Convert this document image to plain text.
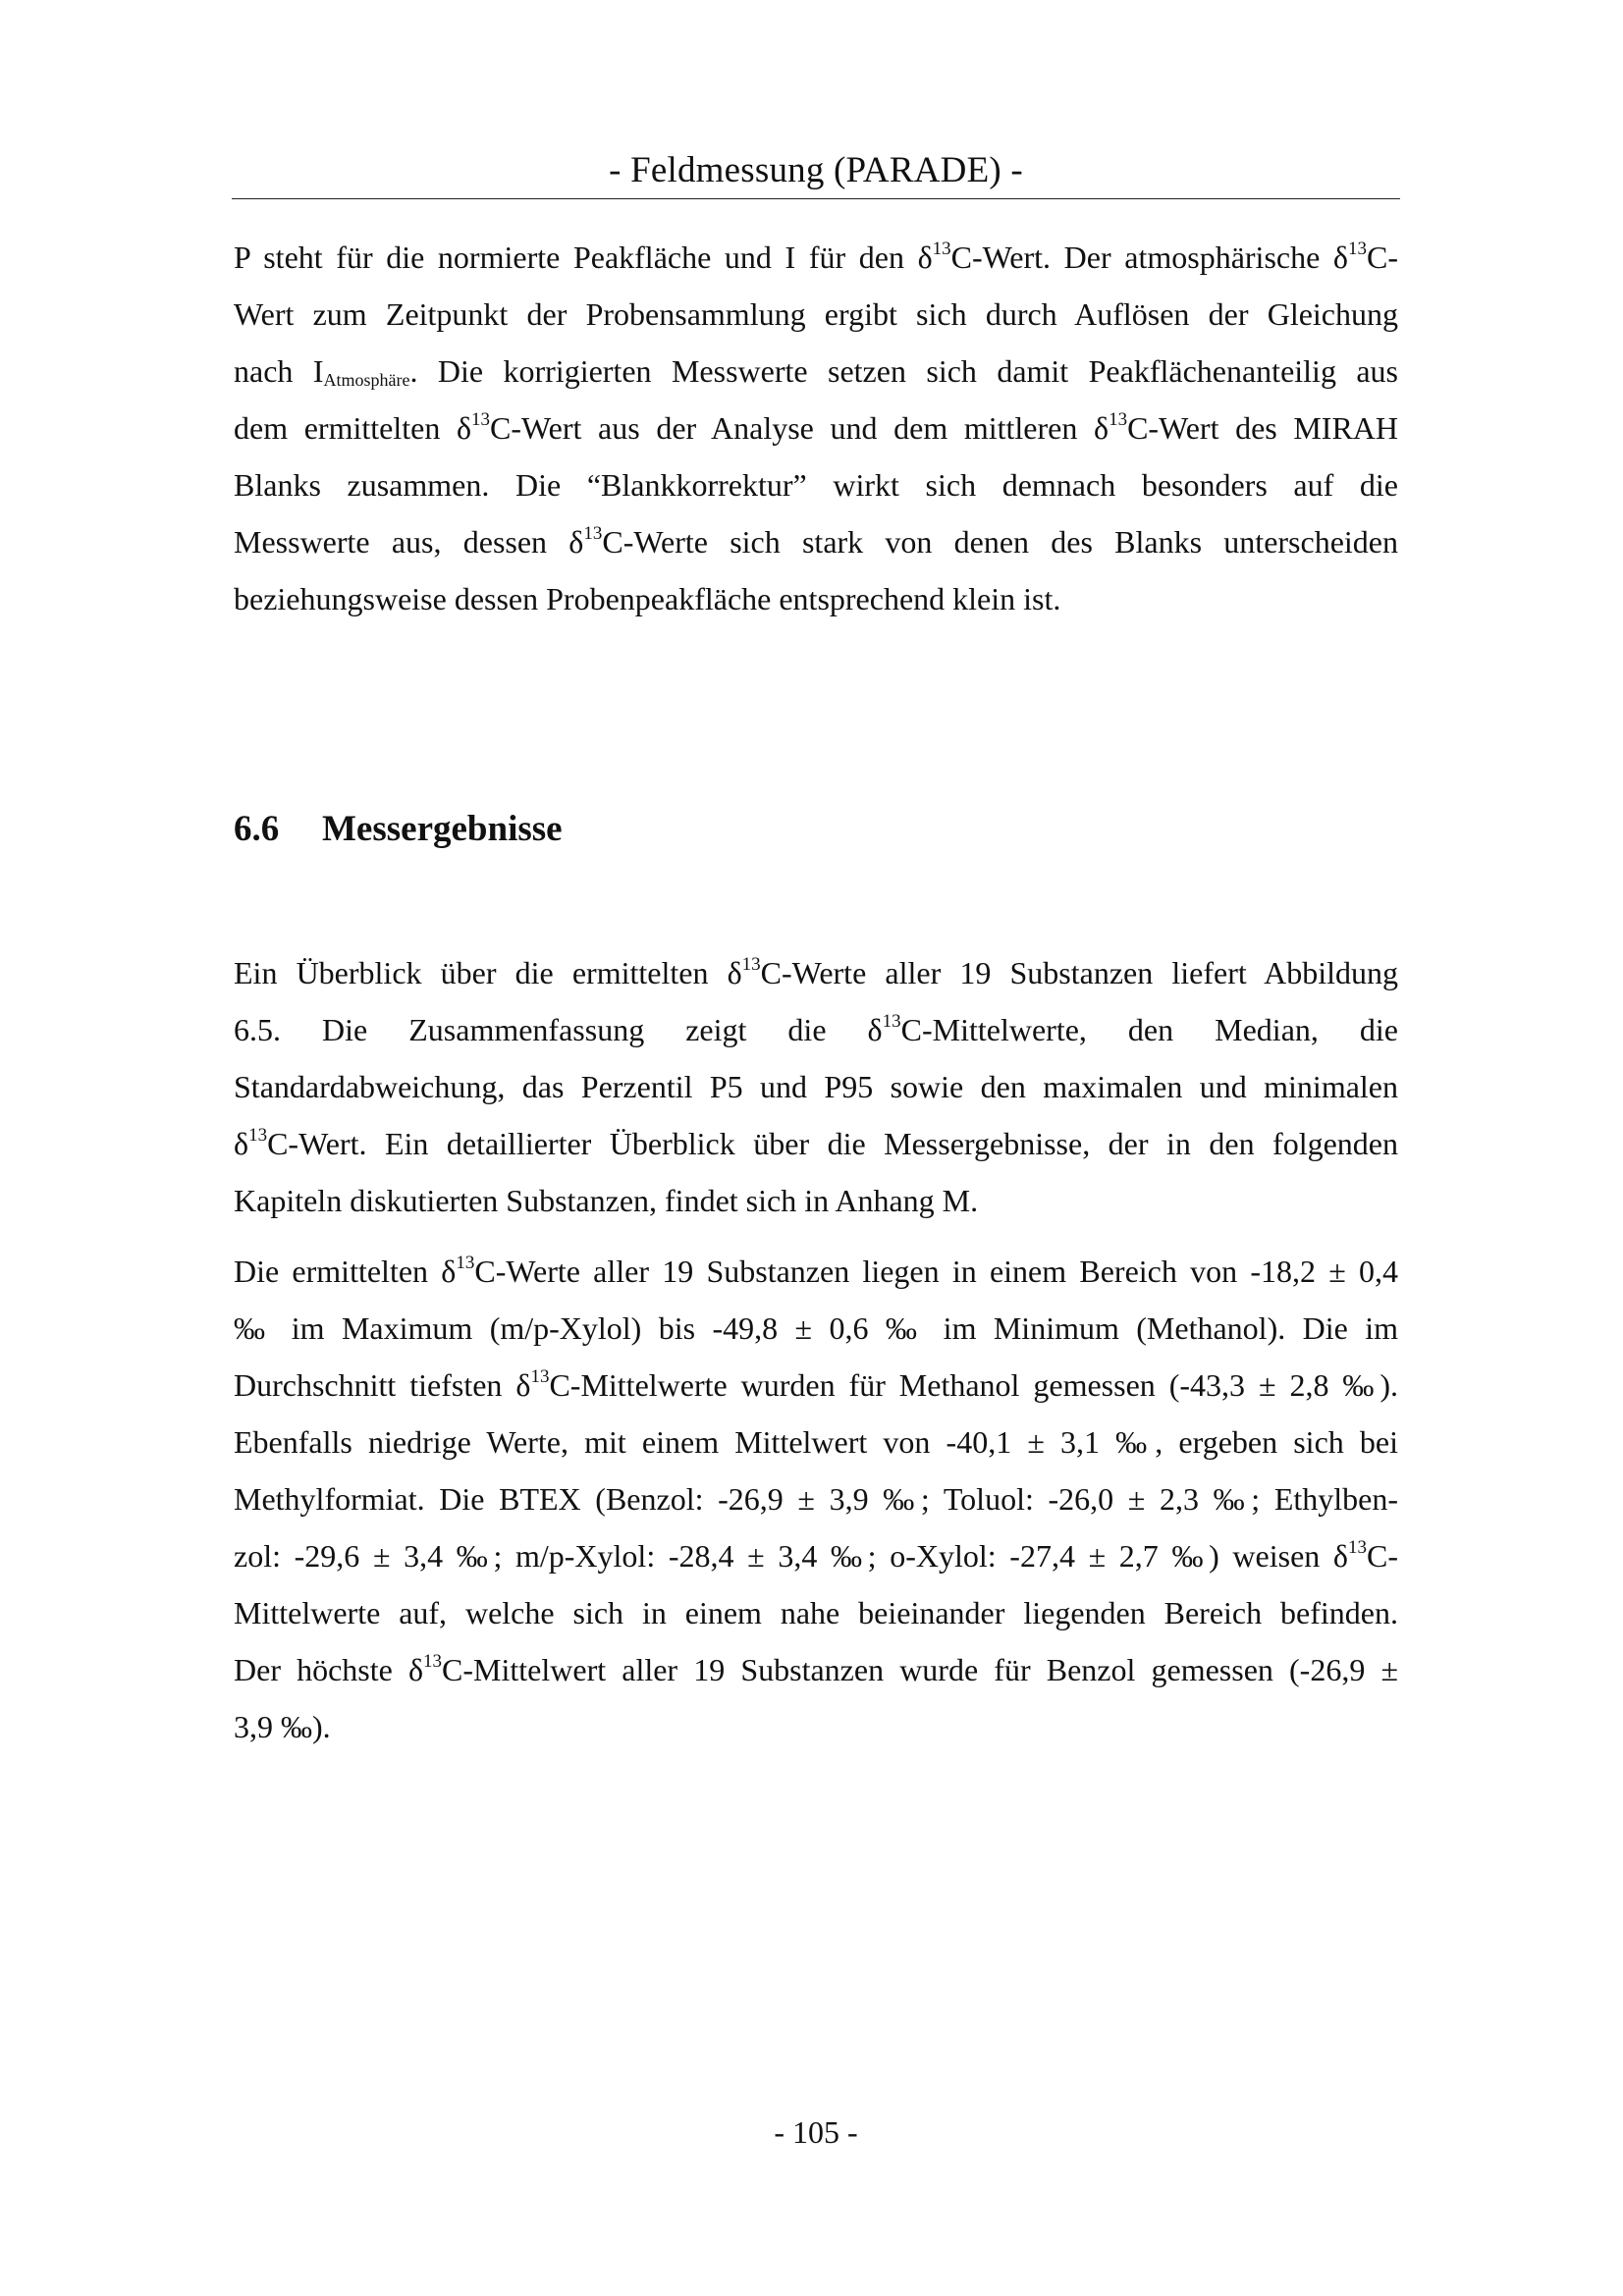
- Feldmessung (PARADE) -

P steht für die normierte Peakfläche und I für den $\delta^{13}C$-Wert. Der atmosphärische $\delta^{13}C-$
Wert zum Zeitpunkt der Probensammlung ergibt sich durch Auflösen der Gleichung
nach $I_{Atmosphäre}$. Die korrigierten Messwerte setzen sich damit Peakflächenanteilig aus
dem ermittelten $\delta^{13}C$-Wert aus der Analyse und dem mittleren $\delta^{13}C$-Wert des MIRAH
Blanks zusammen. Die “Blankkorrektur” wirkt sich demnach besonders auf die
Messwerte aus, dessen $\delta^{13}C$-Werte sich stark von denen des Blanks unterscheiden
beziehungsweise dessen Probenpeakfläche entsprechend klein ist.

6.6 Messergebnisse

Ein Überblick über die ermittelten $\delta^{13}C$-Werte aller 19 Substanzen liefert Abbildung
6.5. Die Zusammenfassung zeigt die $\delta^{13}C$-Mittelwerte, den Median, die
Standardabweichung, das Perzentil P5 und P95 sowie den maximalen und minimalen
$\delta^{13}C$-Wert. Ein detaillierter Überblick über die Messergebnisse, der in den folgenden
Kapiteln diskutierten Substanzen, findet sich in Anhang M.

Die ermittelten $\delta^{13}C$-Werte aller 19 Substanzen liegen in einem Bereich von -18,2 ± 0,4
‰ im Maximum (m/p-Xylol) bis -49,8 ± 0,6 ‰ im Minimum (Methanol). Die im
Durchschnitt tiefsten $\delta^{13}C$-Mittelwerte wurden für Methanol gemessen (-43,3 ± 2,8 ‰).
Ebenfalls niedrige Werte, mit einem Mittelwert von -40,1 ± 3,1 ‰, ergeben sich bei
Methylformiat. Die BTEX (Benzol: -26,9 ± 3,9 ‰; Toluol: -26,0 ± 2,3 ‰; Ethylben-
zol: -29,6 ± 3,4 ‰; m/p-Xylol: -28,4 ± 3,4 ‰; o-Xylol: -27,4 ± 2,7 ‰) weisen $\delta^{13}C-$
Mittelwerte auf, welche sich in einem nahe beieinander liegenden Bereich befinden.
Der höchste $\delta^{13}C$-Mittelwert aller 19 Substanzen wurde für Benzol gemessen (-26,9 ±
3,9 ‰).

- 105 -
